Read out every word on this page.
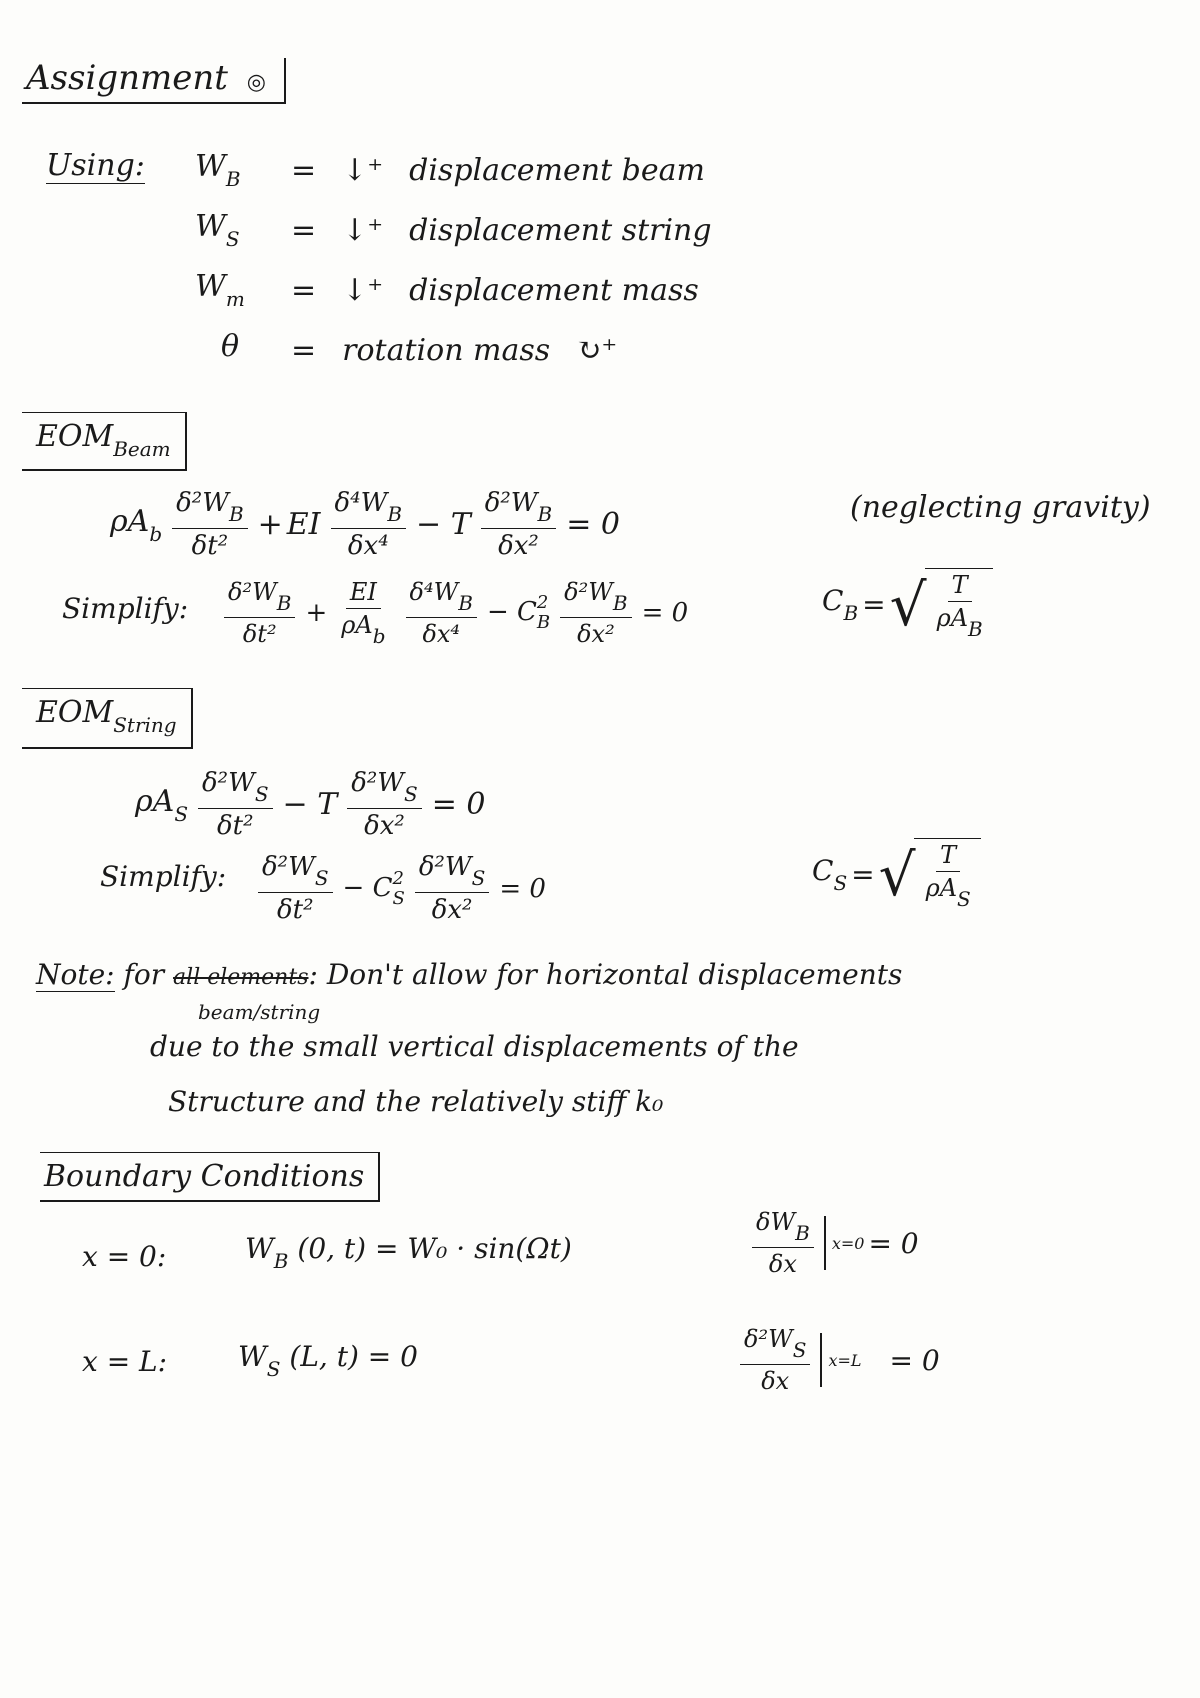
Assignment ◎
Using: $W_B$	= ↓⁺ displacement beam
$W_S$	= ↓⁺ displacement string
$W_m$	= ↓⁺ displacement mass
θ	= rotation mass ↻⁺
$EOM_{Beam}$
$\rho A_b \frac{\delta^2W_B}{\text{δt²}}$ + EI $\frac{\delta^4W_B}{\text{δx⁴}} - T \frac{\delta^2W_B}{\text{δx²}} = 0$	(neglecting gravity)
Simplify: $\frac{\delta^2W_B}{\text{δt²}} + \frac{EI}{\rho A_b} \frac{\delta^4W_B}{\text{δx⁴}} - C$ 2
B $\frac{\delta^2W_B}{\text{δx²}} = 0$	$C_B$ = √ $\frac{T}{\rho A_B}$
$EOM_{String}$
$\rho A_S \frac{\delta^2W_S}{\text{δt²}} - T \frac{\delta^2W_S}{\text{δx²}} = 0$
Simplify: $\frac{\delta^2W_S}{\text{δt²}} - C$ 2
S $\frac{\delta^2W_S}{\text{δx²}} = 0$
$C_S$ = √ $\frac{T}{\rho A_S}$
Note: for all elements: Don't allow for horizontal displacements
beam/string
due to the small vertical displacements of the
Structure and the relatively stiff k₀
Boundary Conditions
x = 0:	$W_B$ (0, t) = W₀ · sin(Ωt)	$\frac{\delta W_B}{\delta x} x=0 = 0$
x = L:	$W_S$ (L, t) = 0	$\frac{\delta^2W_S}{\delta x} x=L = 0$
